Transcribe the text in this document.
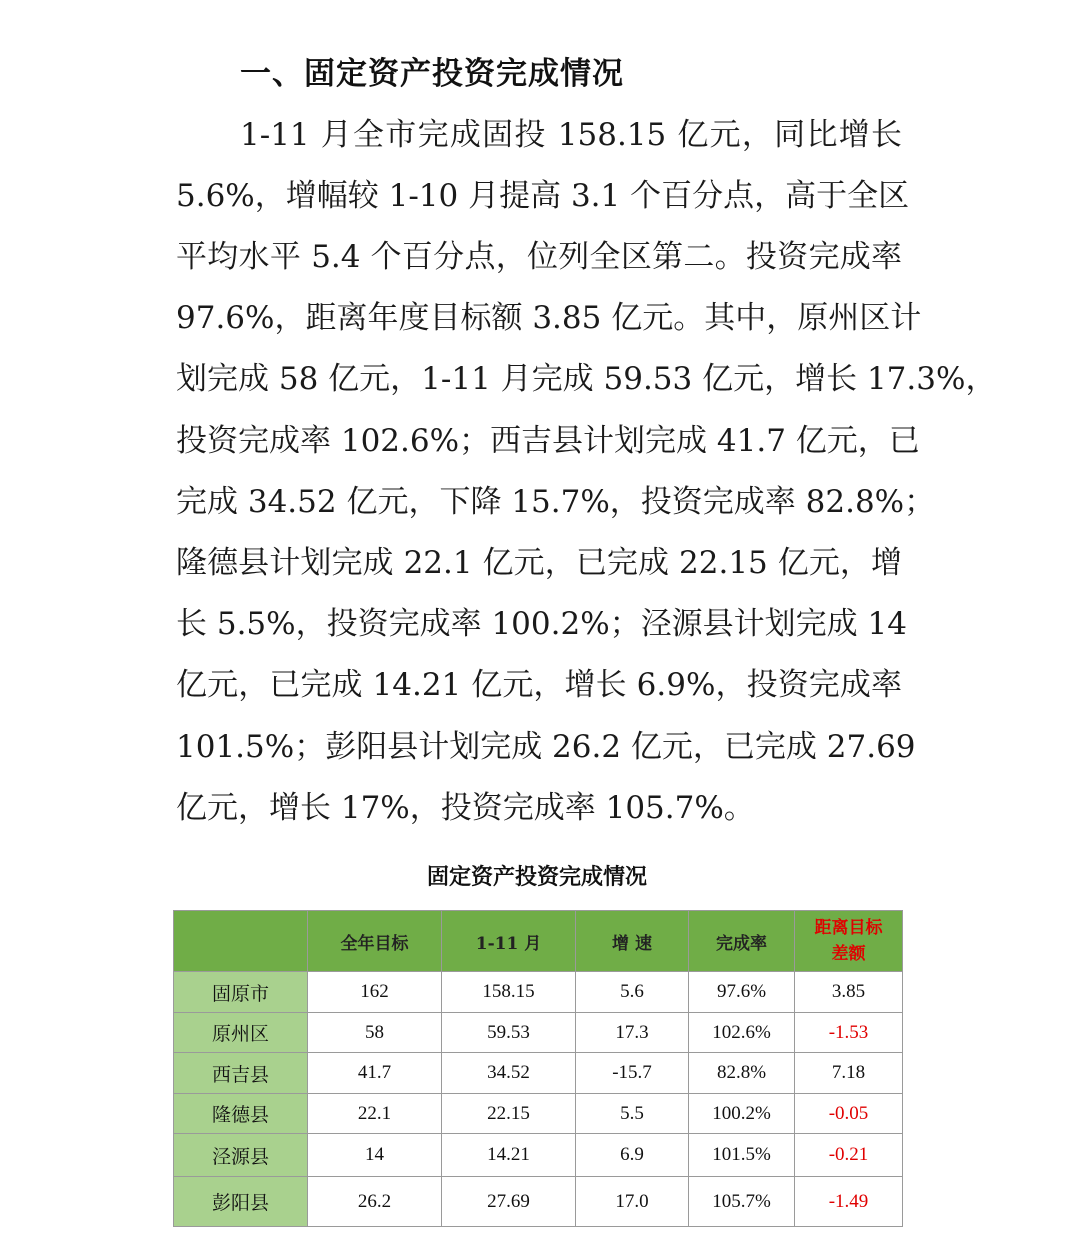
一、固定资产投资完成情况
1-11 月全市完成固投 158.15 亿元，同比增长
5.6%，增幅较 1-10 月提高 3.1 个百分点，高于全区
平均水平 5.4 个百分点，位列全区第二。投资完成率
97.6%，距离年度目标额 3.85 亿元。其中，原州区计
划完成 58 亿元，1-11 月完成 59.53 亿元，增长 17.3%，
投资完成率 102.6%；西吉县计划完成 41.7 亿元，已
完成 34.52 亿元，下降 15.7%，投资完成率 82.8%；
隆德县计划完成 22.1 亿元，已完成 22.15 亿元，增
长 5.5%，投资完成率 100.2%；泾源县计划完成 14
亿元，已完成 14.21 亿元，增长 6.9%，投资完成率
101.5%；彭阳县计划完成 26.2 亿元，已完成 27.69
亿元，增长 17%，投资完成率 105.7%。
固定资产投资完成情况
	全年目标	1-11 月	增 速	完成率	距离目标
差额
固原市	162	158.15	5.6	97.6%	3.85
原州区	58	59.53	17.3	102.6%	-1.53
西吉县	41.7	34.52	-15.7	82.8%	7.18
隆德县	22.1	22.15	5.5	100.2%	-0.05
泾源县	14	14.21	6.9	101.5%	-0.21
彭阳县	26.2	27.69	17.0	105.7%	-1.49
